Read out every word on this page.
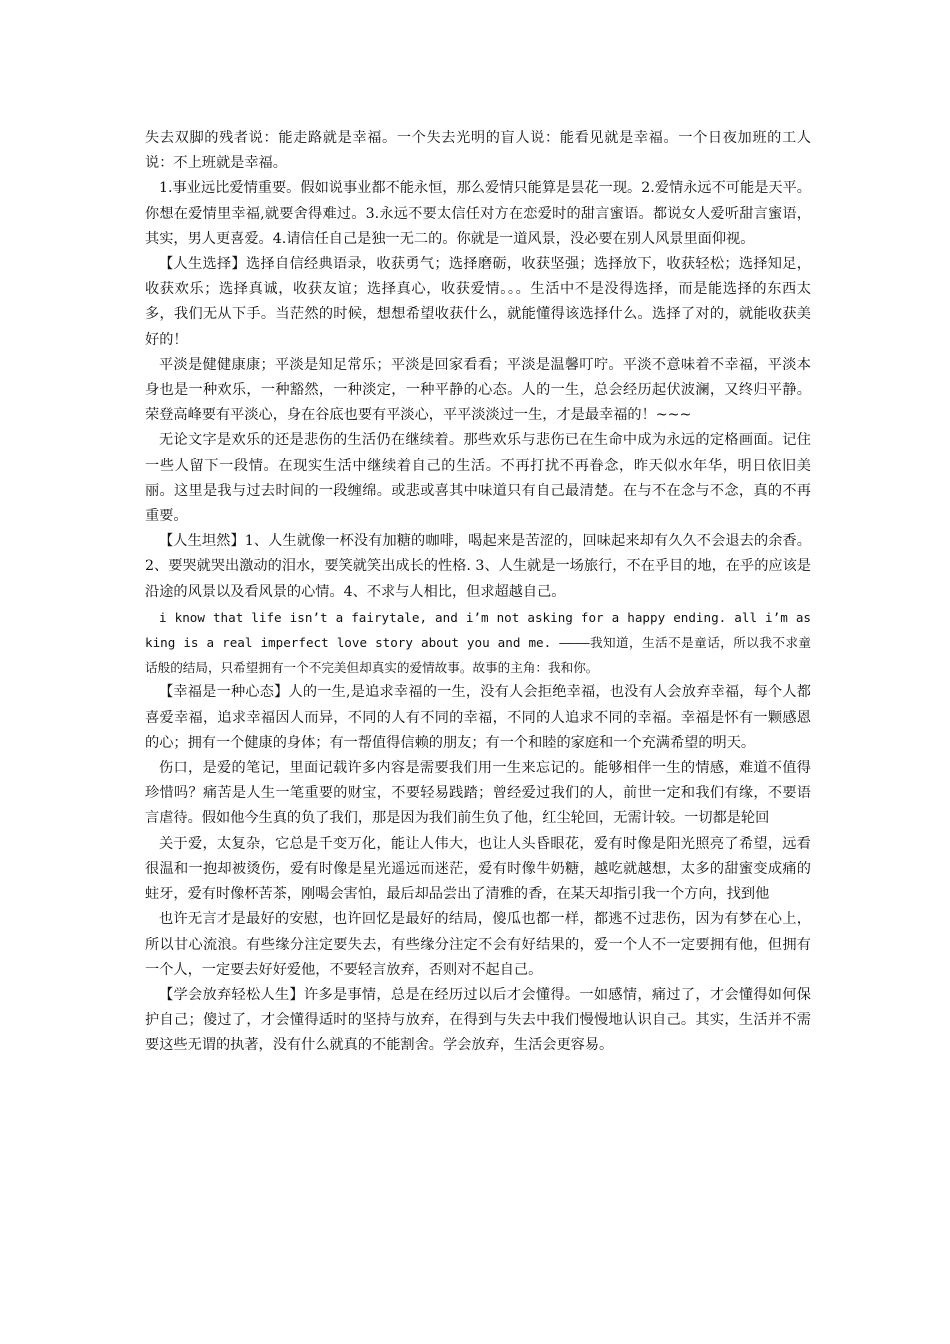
失去双脚的残者说：能走路就是幸福。一个失去光明的盲人说：能看见就是幸福。一个日夜加班的工人说：不上班就是幸福。

1.事业远比爱情重要。假如说事业都不能永恒，那么爱情只能算是昙花一现。2.爱情永远不可能是天平。你想在爱情里幸福,就要舍得难过。3.永远不要太信任对方在恋爱时的甜言蜜语。都说女人爱听甜言蜜语，其实，男人更喜爱。4.请信任自己是独一无二的。你就是一道风景，没必要在别人风景里面仰视。

【人生选择】选择自信经典语录，收获勇气；选择磨砺，收获坚强；选择放下，收获轻松；选择知足，收获欢乐；选择真诚，收获友谊；选择真心，收获爱情。。。生活中不是没得选择，而是能选择的东西太多，我们无从下手。当茫然的时候，想想希望收获什么，就能懂得该选择什么。选择了对的，就能收获美好的！

平淡是健健康康；平淡是知足常乐；平淡是回家看看；平淡是温馨叮咛。平淡不意味着不幸福，平淡本身也是一种欢乐，一种豁然，一种淡定，一种平静的心态。人的一生，总会经历起伏波澜，又终归平静。荣登高峰要有平淡心，身在谷底也要有平淡心，平平淡淡过一生，才是最幸福的！~~~

无论文字是欢乐的还是悲伤的生活仍在继续着。那些欢乐与悲伤已在生命中成为永远的定格画面。记住一些人留下一段情。在现实生活中继续着自己的生活。不再打扰不再眷念，昨天似水年华，明日依旧美丽。这里是我与过去时间的一段缠绵。或悲或喜其中味道只有自己最清楚。在与不在念与不念，真的不再重要。

【人生坦然】1、人生就像一杯没有加糖的咖啡，喝起来是苦涩的，回味起来却有久久不会退去的余香。2、要哭就哭出激动的泪水，要笑就笑出成长的性格. 3、人生就是一场旅行，不在乎目的地，在乎的应该是沿途的风景以及看风景的心情。4、不求与人相比，但求超越自己。

i know that life isn’t a fairytale, and i’m not asking for a happy ending. all i’m asking is a real imperfect love story about you and me. ————我知道，生活不是童话，所以我不求童话般的结局，只希望拥有一个不完美但却真实的爱情故事。故事的主角：我和你。

【幸福是一种心态】人的一生,是追求幸福的一生，没有人会拒绝幸福，也没有人会放弃幸福，每个人都喜爱幸福，追求幸福因人而异，不同的人有不同的幸福，不同的人追求不同的幸福。幸福是怀有一颗感恩的心；拥有一个健康的身体；有一帮值得信赖的朋友；有一个和睦的家庭和一个充满希望的明天。

伤口，是爱的笔记，里面记载许多内容是需要我们用一生来忘记的。能够相伴一生的情感，难道不值得珍惜吗？痛苦是人生一笔重要的财宝，不要轻易践踏；曾经爱过我们的人，前世一定和我们有缘，不要语言虐待。假如他今生真的负了我们，那是因为我们前生负了他，红尘轮回，无需计较。一切都是轮回

关于爱，太复杂，它总是千变万化，能让人伟大，也让人头昏眼花，爱有时像是阳光照亮了希望，远看很温和一抱却被烫伤，爱有时像是星光遥远而迷茫，爱有时像牛奶糖，越吃就越想，太多的甜蜜变成痛的蛀牙，爱有时像杯苦茶，刚喝会害怕，最后却品尝出了清雅的香，在某天却指引我一个方向，找到他

也许无言才是最好的安慰，也许回忆是最好的结局，傻瓜也都一样，都逃不过悲伤，因为有梦在心上，所以甘心流浪。有些缘分注定要失去，有些缘分注定不会有好结果的，爱一个人不一定要拥有他，但拥有一个人，一定要去好好爱他，不要轻言放弃，否则对不起自己。

【学会放弃轻松人生】许多是事情，总是在经历过以后才会懂得。一如感情，痛过了，才会懂得如何保护自己；傻过了，才会懂得适时的坚持与放弃，在得到与失去中我们慢慢地认识自己。其实，生活并不需要这些无谓的执著，没有什么就真的不能割舍。学会放弃，生活会更容易。
